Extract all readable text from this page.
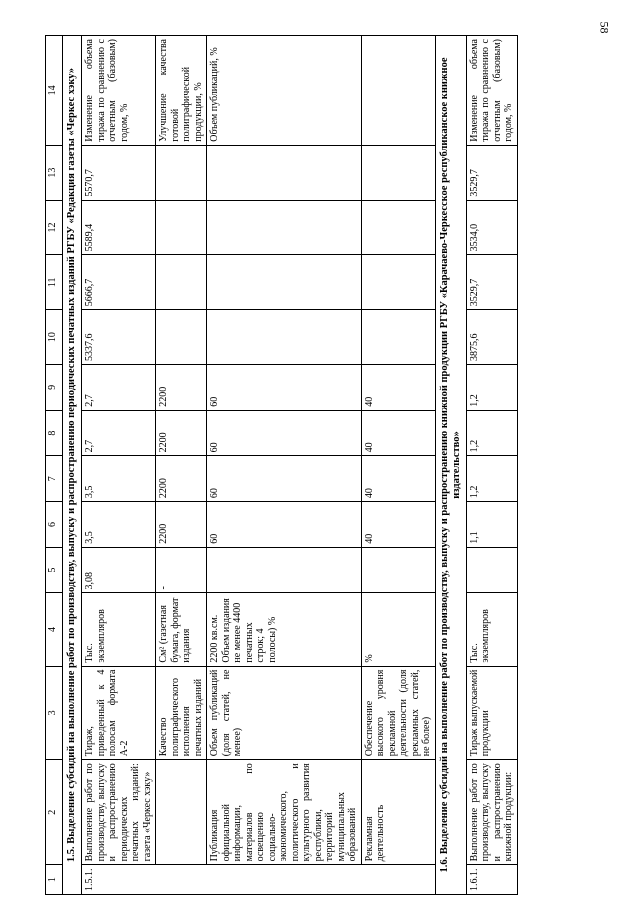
58
1	2	3	4	5	6	7	8	9	10	11	12	13	14
1.5. Выделение субсидий на выполнение работ по производству, выпуску и распространению периодических печатных изданий РГБУ «Редакция газеты «Черкес хэку»													
1.5.1.	Выполнение работ по производству, выпуску и распространению периодических печатных изданий: газета «Черкес хэку»	Тираж, приведенный к 4 полосам формата А-2	Тыс. экземпляров	3,08	3,5	3,5	2,7	2,7	5337,6	5666,7	5589,4	5570,7	Изменение объема тиража по сравнению с отчетным (базовым) годом, %
		Качество полиграфического исполнения печатных изданий	См² (газетная бумага, формат издания	-	2200	2200	2200	2200					Улучшение качества готовой полиграфической продукции, %
	Публикация официальной информации, материалов по освещению социально-экономического, политического и культурного развития республики, территорий муниципальных образований	Объем публикаций (доля статей, не менее)	2200 кв.см. Объем издания не менее 4400 печатных строк; 4 полосы) %		60	60	60	60					Объем публикаций, %
	Рекламная деятельность	Обеспечение высокого уровня рекламной деятельности (доля рекламных статей, не более)	%		40	40	40	40					
1.6. Выделение субсидий на выполнение работ по производству, выпуску и распространению книжной продукции РГБУ «Карачаево-Черкесское республиканское книжное издательство»													
1.6.1.	Выполнение работ по производству, выпуску и распространению книжной продукции:	Тираж выпускаемой продукции	Тыс. экземпляров		1,1	1,2	1,2	1,2	3875,6	3529,7	3534,0	3529,7	Изменение объема тиража по сравнению с отчетным (базовым) годом, %
